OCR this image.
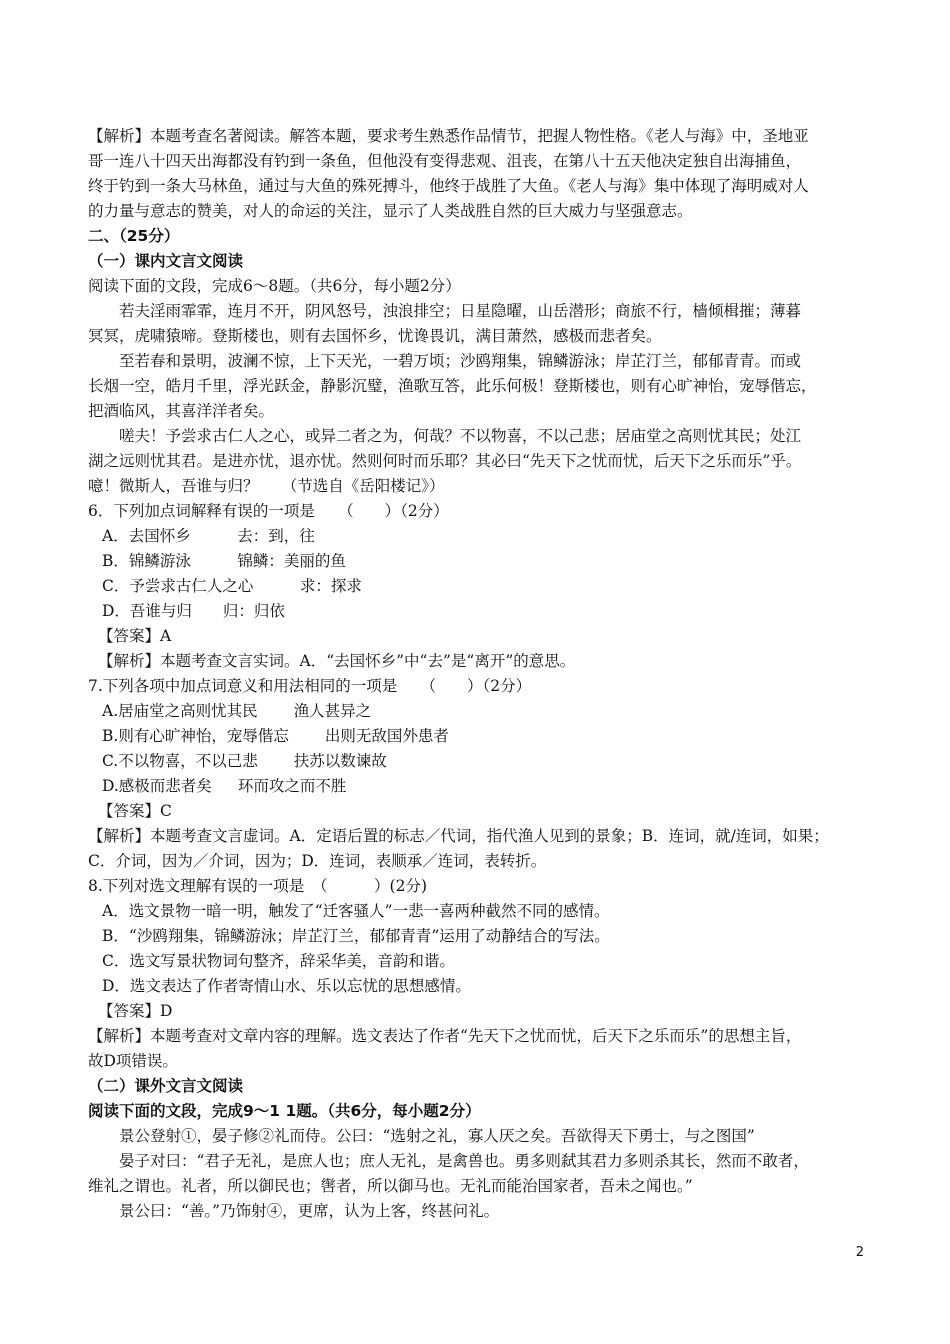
【解析】本题考查名著阅读。解答本题，要求考生熟悉作品情节，把握人物性格。《老人与海》中，圣地亚
哥一连八十四天出海都没有钓到一条鱼，但他没有变得悲观、沮丧，在第八十五天他决定独自出海捕鱼，
终于钓到一条大马林鱼，通过与大鱼的殊死搏斗，他终于战胜了大鱼。《老人与海》集中体现了海明威对人
的力量与意志的赞美，对人的命运的关注，显示了人类战胜自然的巨大威力与坚强意志。
二、（25分）
（一）课内文言文阅读
阅读下面的文段，完成6～8题。（共6分，每小题2分）
若夫淫雨霏霏，连月不开，阴风怒号，浊浪排空；日星隐曜，山岳潜形；商旅不行，樯倾楫摧；薄暮
冥冥，虎啸猿啼。登斯楼也，则有去国怀乡，忧谗畏讥，满目萧然，感极而悲者矣。
至若春和景明，波澜不惊，上下天光，一碧万顷；沙鸥翔集，锦鳞游泳；岸芷汀兰，郁郁青青。而或
长烟一空，皓月千里，浮光跃金，静影沉璧，渔歌互答，此乐何极！登斯楼也，则有心旷神怡，宠辱偕忘，
把酒临风，其喜洋洋者矣。
嗟夫！予尝求古仁人之心，或异二者之为，何哉？不以物喜，不以己悲；居庙堂之高则忧其民；处江
湖之远则忧其君。是进亦忧，退亦忧。然则何时而乐耶？其必曰“先天下之忧而忧，后天下之乐而乐”乎。
噫！微斯人，吾谁与归？　　（节选自《岳阳楼记》）
6．下列加点词解释有误的一项是　　（　　）（2分）
A．去国怀乡　　　去：到，往
B．锦鳞游泳　　　锦鳞：美丽的鱼
C．予尝求古仁人之心　　　求：探求
D．吾谁与归　　归：归依
【答案】A
【解析】本题考查文言实词。A．“去国怀乡”中“去”是“离开”的意思。
7.下列各项中加点词意义和用法相同的一项是　　（　　）（2分）
A.居庙堂之高则忧其民 渔人甚异之
B.则有心旷神怡，宠辱偕忘 出则无敌国外患者
C.不以物喜，不以己悲 扶苏以数谏故
D.感极而悲者矣 环而攻之而不胜
【答案】C
【解析】本题考查文言虚词。A．定语后置的标志／代词，指代渔人见到的景象；B．连词，就/连词，如果；
C．介词，因为／介词，因为；D．连词，表顺承／连词，表转折。
8.下列对选文理解有误的一项是　（　　　）(2分)
A．选文景物一暗一明，触发了“迁客骚人”一悲一喜两种截然不同的感情。
B．“沙鸥翔集，锦鳞游泳；岸芷汀兰，郁郁青青”运用了动静结合的写法。
C．选文写景状物词句整齐，辞采华美，音韵和谐。
D．选文表达了作者寄情山水、乐以忘忧的思想感情。
【答案】D
【解析】本题考查对文章内容的理解。选文表达了作者“先天下之忧而忧，后天下之乐而乐”的思想主旨，
故D项错误。
（二）课外文言文阅读
阅读下面的文段，完成9～1 1题。（共6分，每小题2分）
景公登射①，晏子修②礼而侍。公曰：“选射之礼，寡人厌之矣。吾欲得天下勇士，与之图国”
晏子对曰：“君子无礼，是庶人也；庶人无礼，是禽兽也。勇多则弑其君力多则杀其长，然而不敢者，
维礼之谓也。礼者，所以御民也；辔者，所以御马也。无礼而能治国家者，吾未之闻也。”
景公曰：“善。”乃饰射④，更席，认为上客，终甚问礼。
2
